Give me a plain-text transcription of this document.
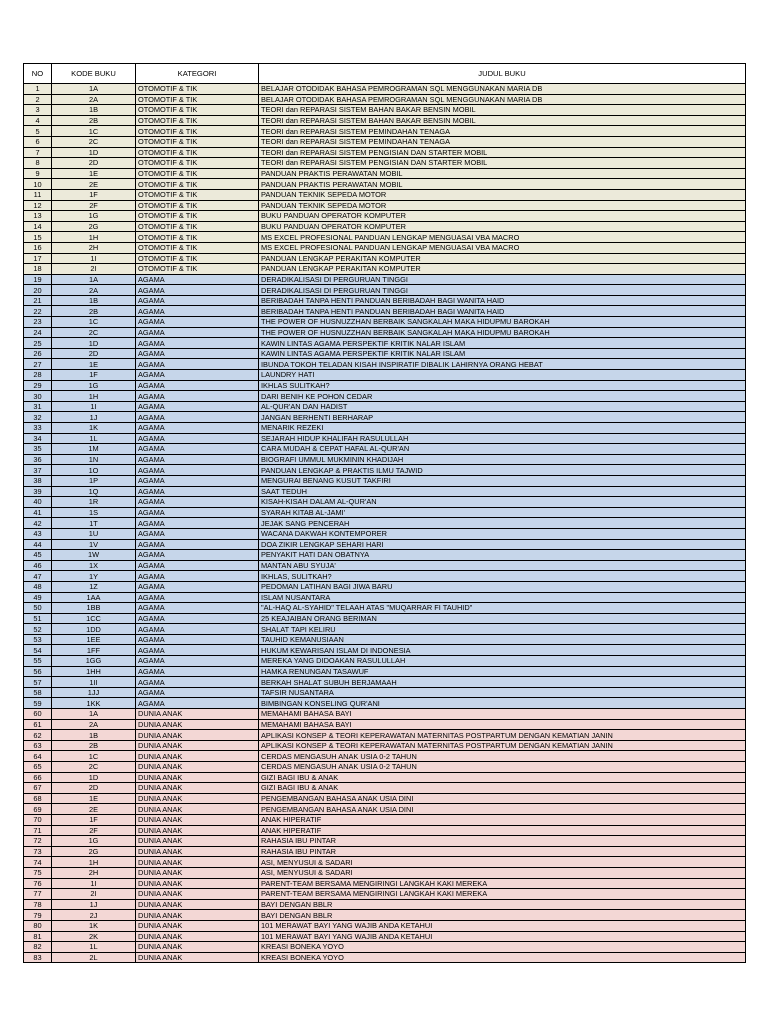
NO	KODE BUKU	KATEGORI	JUDUL BUKU
1	1A	OTOMOTIF & TIK	BELAJAR OTODIDAK BAHASA PEMROGRAMAN SQL MENGGUNAKAN MARIA DB
2	2A	OTOMOTIF & TIK	BELAJAR OTODIDAK BAHASA PEMROGRAMAN SQL MENGGUNAKAN MARIA DB
3	1B	OTOMOTIF & TIK	TEORI dan REPARASI SISTEM BAHAN BAKAR BENSIN MOBIL
4	2B	OTOMOTIF & TIK	TEORI dan REPARASI SISTEM BAHAN BAKAR BENSIN MOBIL
5	1C	OTOMOTIF & TIK	TEORI dan REPARASI SISTEM PEMINDAHAN TENAGA
6	2C	OTOMOTIF & TIK	TEORI dan REPARASI SISTEM PEMINDAHAN TENAGA
7	1D	OTOMOTIF & TIK	TEORI dan REPARASI SISTEM PENGISIAN DAN STARTER MOBIL
8	2D	OTOMOTIF & TIK	TEORI dan REPARASI SISTEM PENGISIAN DAN STARTER MOBIL
9	1E	OTOMOTIF & TIK	PANDUAN PRAKTIS PERAWATAN MOBIL
10	2E	OTOMOTIF & TIK	PANDUAN PRAKTIS PERAWATAN MOBIL
11	1F	OTOMOTIF & TIK	PANDUAN TEKNIK SEPEDA MOTOR
12	2F	OTOMOTIF & TIK	PANDUAN TEKNIK SEPEDA MOTOR
13	1G	OTOMOTIF & TIK	BUKU PANDUAN OPERATOR KOMPUTER
14	2G	OTOMOTIF & TIK	BUKU PANDUAN OPERATOR KOMPUTER
15	1H	OTOMOTIF & TIK	MS EXCEL PROFESIONAL PANDUAN LENGKAP MENGUASAI VBA MACRO
16	2H	OTOMOTIF & TIK	MS EXCEL PROFESIONAL PANDUAN LENGKAP MENGUASAI VBA MACRO
17	1I	OTOMOTIF & TIK	PANDUAN LENGKAP PERAKITAN KOMPUTER
18	2I	OTOMOTIF & TIK	PANDUAN LENGKAP PERAKITAN KOMPUTER
19	1A	AGAMA	DERADIKALISASI DI PERGURUAN TINGGI
20	2A	AGAMA	DERADIKALISASI DI PERGURUAN TINGGI
21	1B	AGAMA	BERIBADAH TANPA HENTI PANDUAN BERIBADAH BAGI WANITA HAID
22	2B	AGAMA	BERIBADAH TANPA HENTI PANDUAN BERIBADAH BAGI WANITA HAID
23	1C	AGAMA	THE POWER OF HUSNUZZHAN BERBAIK SANGKALAH MAKA HIDUPMU BAROKAH
24	2C	AGAMA	THE POWER OF HUSNUZZHAN BERBAIK SANGKALAH MAKA HIDUPMU BAROKAH
25	1D	AGAMA	KAWIN LINTAS AGAMA PERSPEKTIF KRITIK NALAR ISLAM
26	2D	AGAMA	KAWIN LINTAS AGAMA PERSPEKTIF KRITIK NALAR ISLAM
27	1E	AGAMA	IBUNDA TOKOH TELADAN KISAH INSPIRATIF DIBALIK LAHIRNYA ORANG HEBAT
28	1F	AGAMA	LAUNDRY HATI
29	1G	AGAMA	IKHLAS SULITKAH?
30	1H	AGAMA	DARI BENIH KE POHON CEDAR
31	1I	AGAMA	AL-QUR'AN DAN HADIST
32	1J	AGAMA	JANGAN BERHENTI BERHARAP
33	1K	AGAMA	MENARIK REZEKI
34	1L	AGAMA	SEJARAH HIDUP KHALIFAH RASULULLAH
35	1M	AGAMA	CARA MUDAH & CEPAT HAFAL AL-QUR'AN
36	1N	AGAMA	BIOGRAFI UMMUL MUKMININ KHADIJAH
37	1O	AGAMA	PANDUAN LENGKAP & PRAKTIS ILMU TAJWID
38	1P	AGAMA	MENGURAI BENANG KUSUT TAKFIRI
39	1Q	AGAMA	SAAT TEDUH
40	1R	AGAMA	KISAH-KISAH DALAM AL-QUR'AN
41	1S	AGAMA	SYARAH KITAB AL-JAMI'
42	1T	AGAMA	JEJAK SANG PENCERAH
43	1U	AGAMA	WACANA DAKWAH KONTEMPORER
44	1V	AGAMA	DOA ZIKIR LENGKAP SEHARI HARI
45	1W	AGAMA	PENYAKIT HATI DAN OBATNYA
46	1X	AGAMA	MANTAN ABU SYUJA'
47	1Y	AGAMA	IKHLAS, SULITKAH?
48	1Z	AGAMA	PEDOMAN LATIHAN BAGI JIWA BARU
49	1AA	AGAMA	ISLAM NUSANTARA
50	1BB	AGAMA	"AL-HAQ AL-SYAHID" TELAAH ATAS "MUQARRAR FI TAUHID"
51	1CC	AGAMA	25 KEAJAIBAN ORANG BERIMAN
52	1DD	AGAMA	SHALAT TAPI KELIRU
53	1EE	AGAMA	TAUHID KEMANUSIAAN
54	1FF	AGAMA	HUKUM KEWARISAN ISLAM DI INDONESIA
55	1GG	AGAMA	MEREKA YANG DIDOAKAN RASULULLAH
56	1HH	AGAMA	HAMKA RENUNGAN TASAWUF
57	1II	AGAMA	BERKAH SHALAT SUBUH BERJAMAAH
58	1JJ	AGAMA	TAFSIR NUSANTARA
59	1KK	AGAMA	BIMBINGAN KONSELING QUR'ANI
60	1A	DUNIA ANAK	MEMAHAMI BAHASA BAYI
61	2A	DUNIA ANAK	MEMAHAMI BAHASA BAYI
62	1B	DUNIA ANAK	APLIKASI KONSEP & TEORI KEPERAWATAN MATERNITAS POSTPARTUM DENGAN KEMATIAN JANIN
63	2B	DUNIA ANAK	APLIKASI KONSEP & TEORI KEPERAWATAN MATERNITAS POSTPARTUM DENGAN KEMATIAN JANIN
64	1C	DUNIA ANAK	CERDAS MENGASUH ANAK USIA 0-2 TAHUN
65	2C	DUNIA ANAK	CERDAS MENGASUH ANAK USIA 0-2 TAHUN
66	1D	DUNIA ANAK	GIZI BAGI IBU & ANAK
67	2D	DUNIA ANAK	GIZI BAGI IBU & ANAK
68	1E	DUNIA ANAK	PENGEMBANGAN BAHASA ANAK USIA DINI
69	2E	DUNIA ANAK	PENGEMBANGAN BAHASA ANAK USIA DINI
70	1F	DUNIA ANAK	ANAK HIPERATIF
71	2F	DUNIA ANAK	ANAK HIPERATIF
72	1G	DUNIA ANAK	RAHASIA IBU PINTAR
73	2G	DUNIA ANAK	RAHASIA IBU PINTAR
74	1H	DUNIA ANAK	ASI, MENYUSUI & SADARI
75	2H	DUNIA ANAK	ASI, MENYUSUI & SADARI
76	1I	DUNIA ANAK	PARENT-TEAM BERSAMA MENGIRINGI LANGKAH KAKI MEREKA
77	2I	DUNIA ANAK	PARENT-TEAM BERSAMA MENGIRINGI LANGKAH KAKI MEREKA
78	1J	DUNIA ANAK	BAYI DENGAN BBLR
79	2J	DUNIA ANAK	BAYI DENGAN BBLR
80	1K	DUNIA ANAK	101 MERAWAT BAYI YANG WAJIB ANDA KETAHUI
81	2K	DUNIA ANAK	101 MERAWAT BAYI YANG WAJIB ANDA KETAHUI
82	1L	DUNIA ANAK	KREASI BONEKA YOYO
83	2L	DUNIA ANAK	KREASI BONEKA YOYO
